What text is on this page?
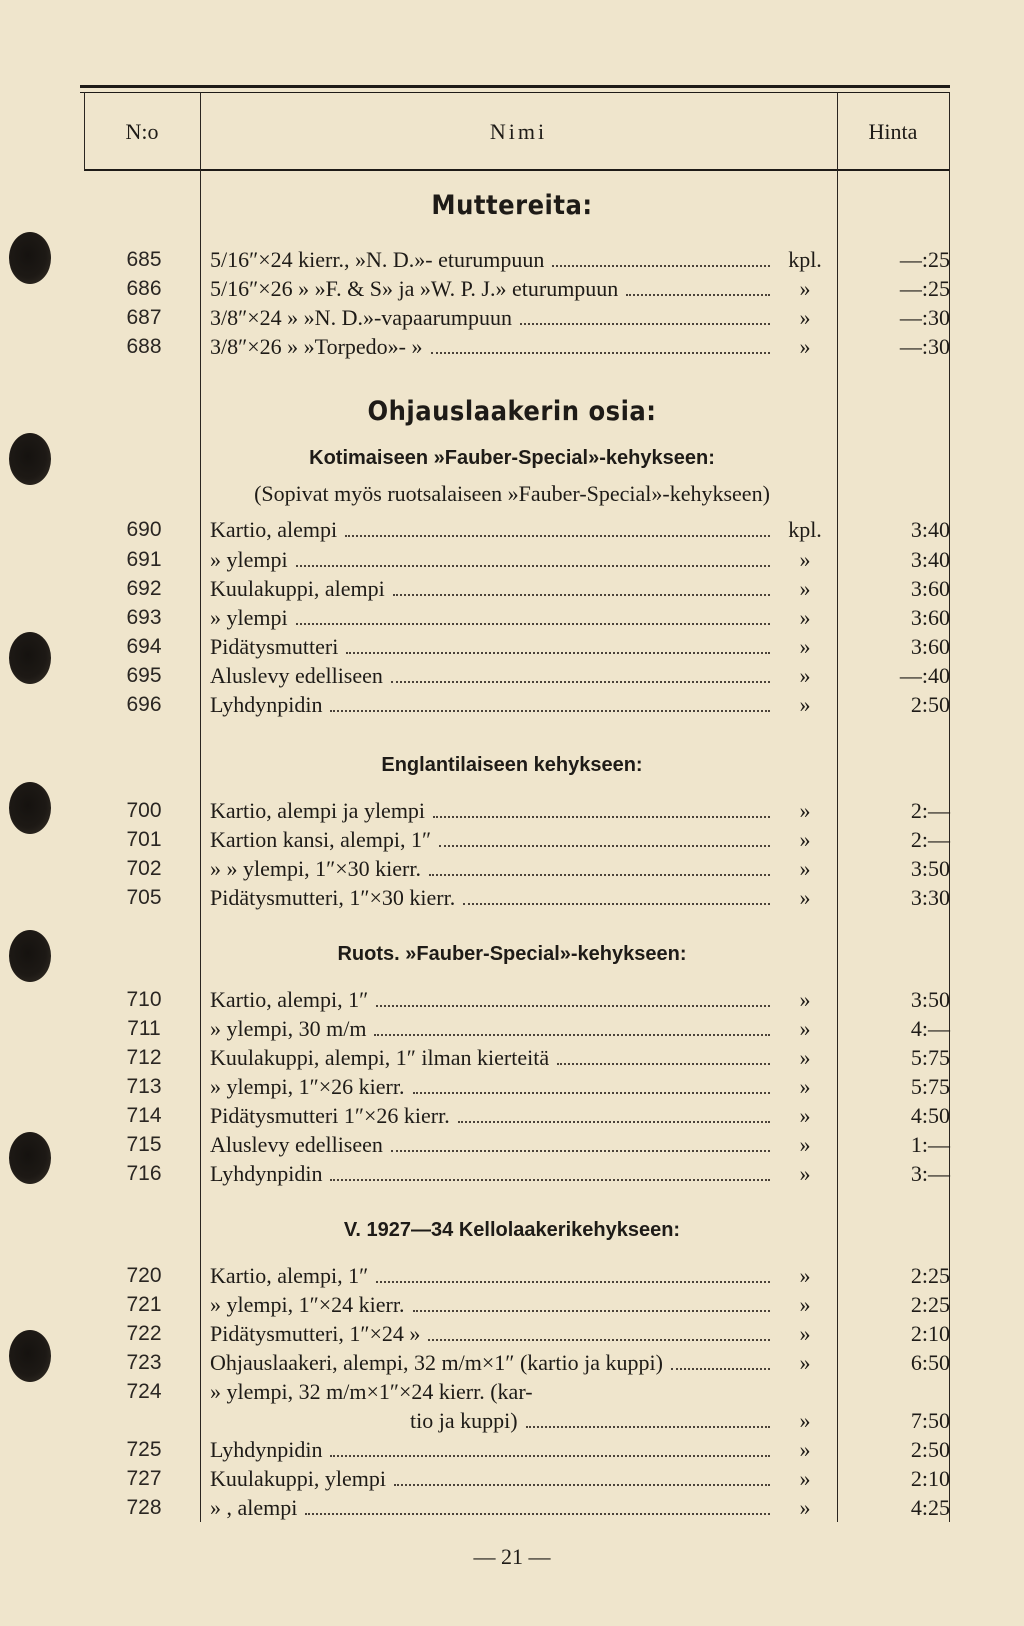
N:o	Nimi	Hinta
Muttereita:
685 5/16″×24 kierr., »N. D.»- eturumpuun	kpl.	—:25
686 5/16″×26 » »F. & S» ja »W. P. J.» eturumpuun	»	—:25
687 3/8″×24 » »N. D.»-vapaarumpuun	»	—:30
688 3/8″×26 » »Torpedo»- »	»	—:30
Ohjauslaakerin osia:
Kotimaiseen »Fauber-Special»-kehykseen:
(Sopivat myös ruotsalaiseen »Fauber-Special»-kehykseen)
690 Kartio, alempi	kpl.	3:40
691 » ylempi	»	3:40
692 Kuulakuppi, alempi	»	3:60
693 » ylempi	»	3:60
694 Pidätysmutteri	»	3:60
695 Aluslevy edelliseen	»	—:40
696 Lyhdynpidin	»	2:50
Englantilaiseen kehykseen:
700 Kartio, alempi ja ylempi	»	2:—
701 Kartion kansi, alempi, 1″	»	2:—
702 » » ylempi, 1″×30 kierr.	»	3:50
705 Pidätysmutteri, 1″×30 kierr.	»	3:30
Ruots. »Fauber-Special»-kehykseen:
710 Kartio, alempi, 1″	»	3:50
711	» ylempi, 30 m/m	»	4:—
712 Kuulakuppi, alempi, 1″ ilman kierteitä	»	5:75
713 » ylempi, 1″×26 kierr.	»	5:75
714 Pidätysmutteri 1″×26 kierr.	»	4:50
715 Aluslevy edelliseen	»	1:—
716 Lyhdynpidin	»	3:—
V. 1927—34 Kellolaakerikehykseen:
720 Kartio, alempi, 1″	»	2:25
721 » ylempi, 1″×24 kierr.	»	2:25
722 Pidätysmutteri, 1″×24 »	»	2:10
723 Ohjauslaakeri, alempi, 32 m/m×1″ (kartio ja kuppi)	»	6:50
724 » ylempi, 32 m/m×1″×24 kierr. (kar-
tio ja kuppi)	»	7:50
725 Lyhdynpidin	»	2:50
727 Kuulakuppi, ylempi	»	2:10
728 » , alempi	»	4:25
— 21 —
